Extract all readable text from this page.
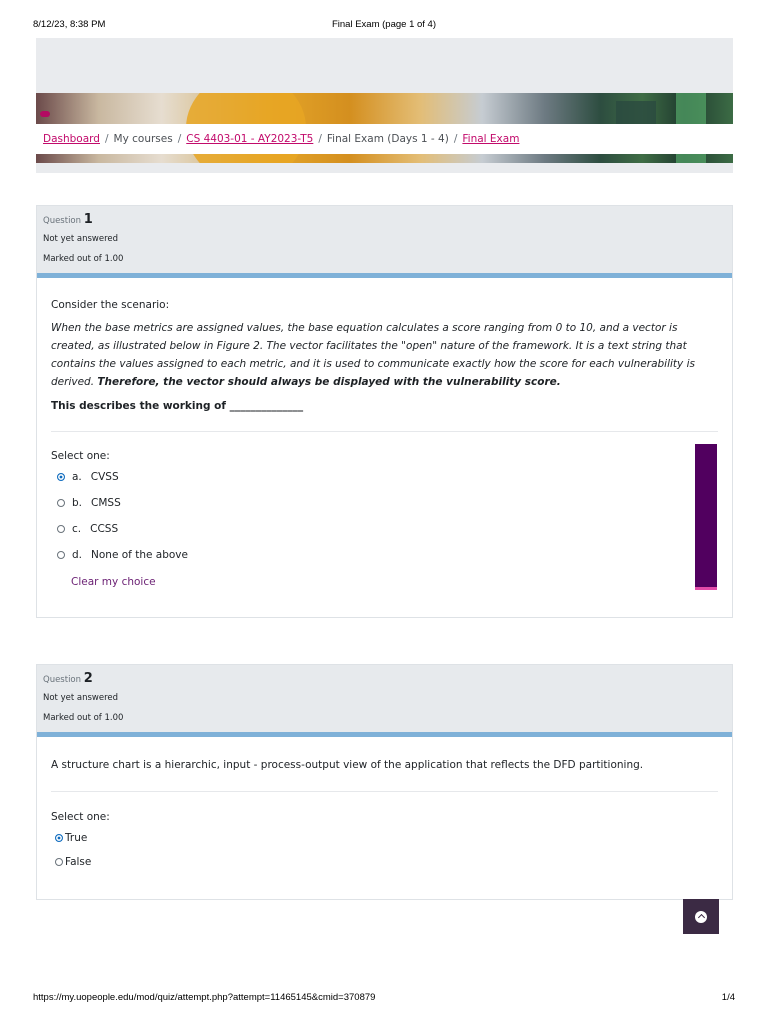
8/12/23, 8:38 PM	Final Exam (page 1 of 4)
Dashboard / My courses / CS 4403-01 - AY2023-T5 / Final Exam (Days 1 - 4) / Final Exam
Question 1
Not yet answered
Marked out of 1.00

Consider the scenario:

When the base metrics are assigned values, the base equation calculates a score ranging from 0 to 10, and a vector is created, as illustrated below in Figure 2. The vector facilitates the "open" nature of the framework. It is a text string that contains the values assigned to each metric, and it is used to communicate exactly how the score for each vulnerability is derived. Therefore, the vector should always be displayed with the vulnerability score.

This describes the working of ______________

Select one:
a. CVSS
b. CMSS
c. CCSS
d. None of the above
Clear my choice
Question 2
Not yet answered
Marked out of 1.00

A structure chart is a hierarchic, input - process-output view of the application that reflects the DFD partitioning.

Select one:
True
False
https://my.uopeople.edu/mod/quiz/attempt.php?attempt=11465145&cmid=370879	1/4
